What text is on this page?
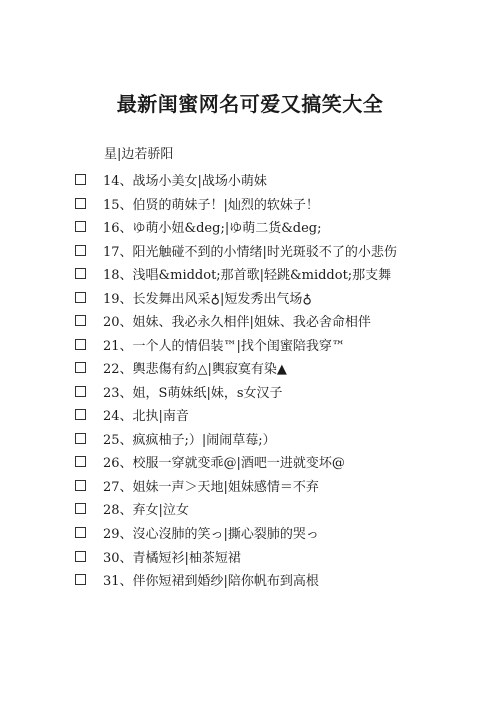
最新闺蜜网名可爱又搞笑大全
星|边若骄阳
14、战场小美女|战场小萌妹
15、伯贤的萌妹子！|灿烈的软妹子！
16、ゆ萌小妞&deg;|ゆ萌二货&deg;
17、阳光触碰不到的小情绪|时光斑驳不了的小悲伤
18、浅唱&middot;那首歌|轻跳&middot;那支舞
19、长发舞出风采♁|短发秀出气场♁
20、姐妹、我必永久相伴|姐妹、我必舍命相伴
21、一个人的情侣装™|找个闺蜜陪我穿™
22、輿悲傷有約△|輿寂寞有染▲
23、姐，S萌妹纸|妹，s女汉子
24、北执|南音
25、疯疯柚子;）|闹闹草莓;）
26、校服一穿就变乖@|酒吧一进就变坏@
27、姐妹一声＞天地|姐妹感情＝不弃
28、弃女|泣女
29、沒心沒肺的笑っ|撕心裂肺的哭っ
30、青橘短衫|柚茶短裙
31、伴你短裙到婚纱|陪你帆布到高根
